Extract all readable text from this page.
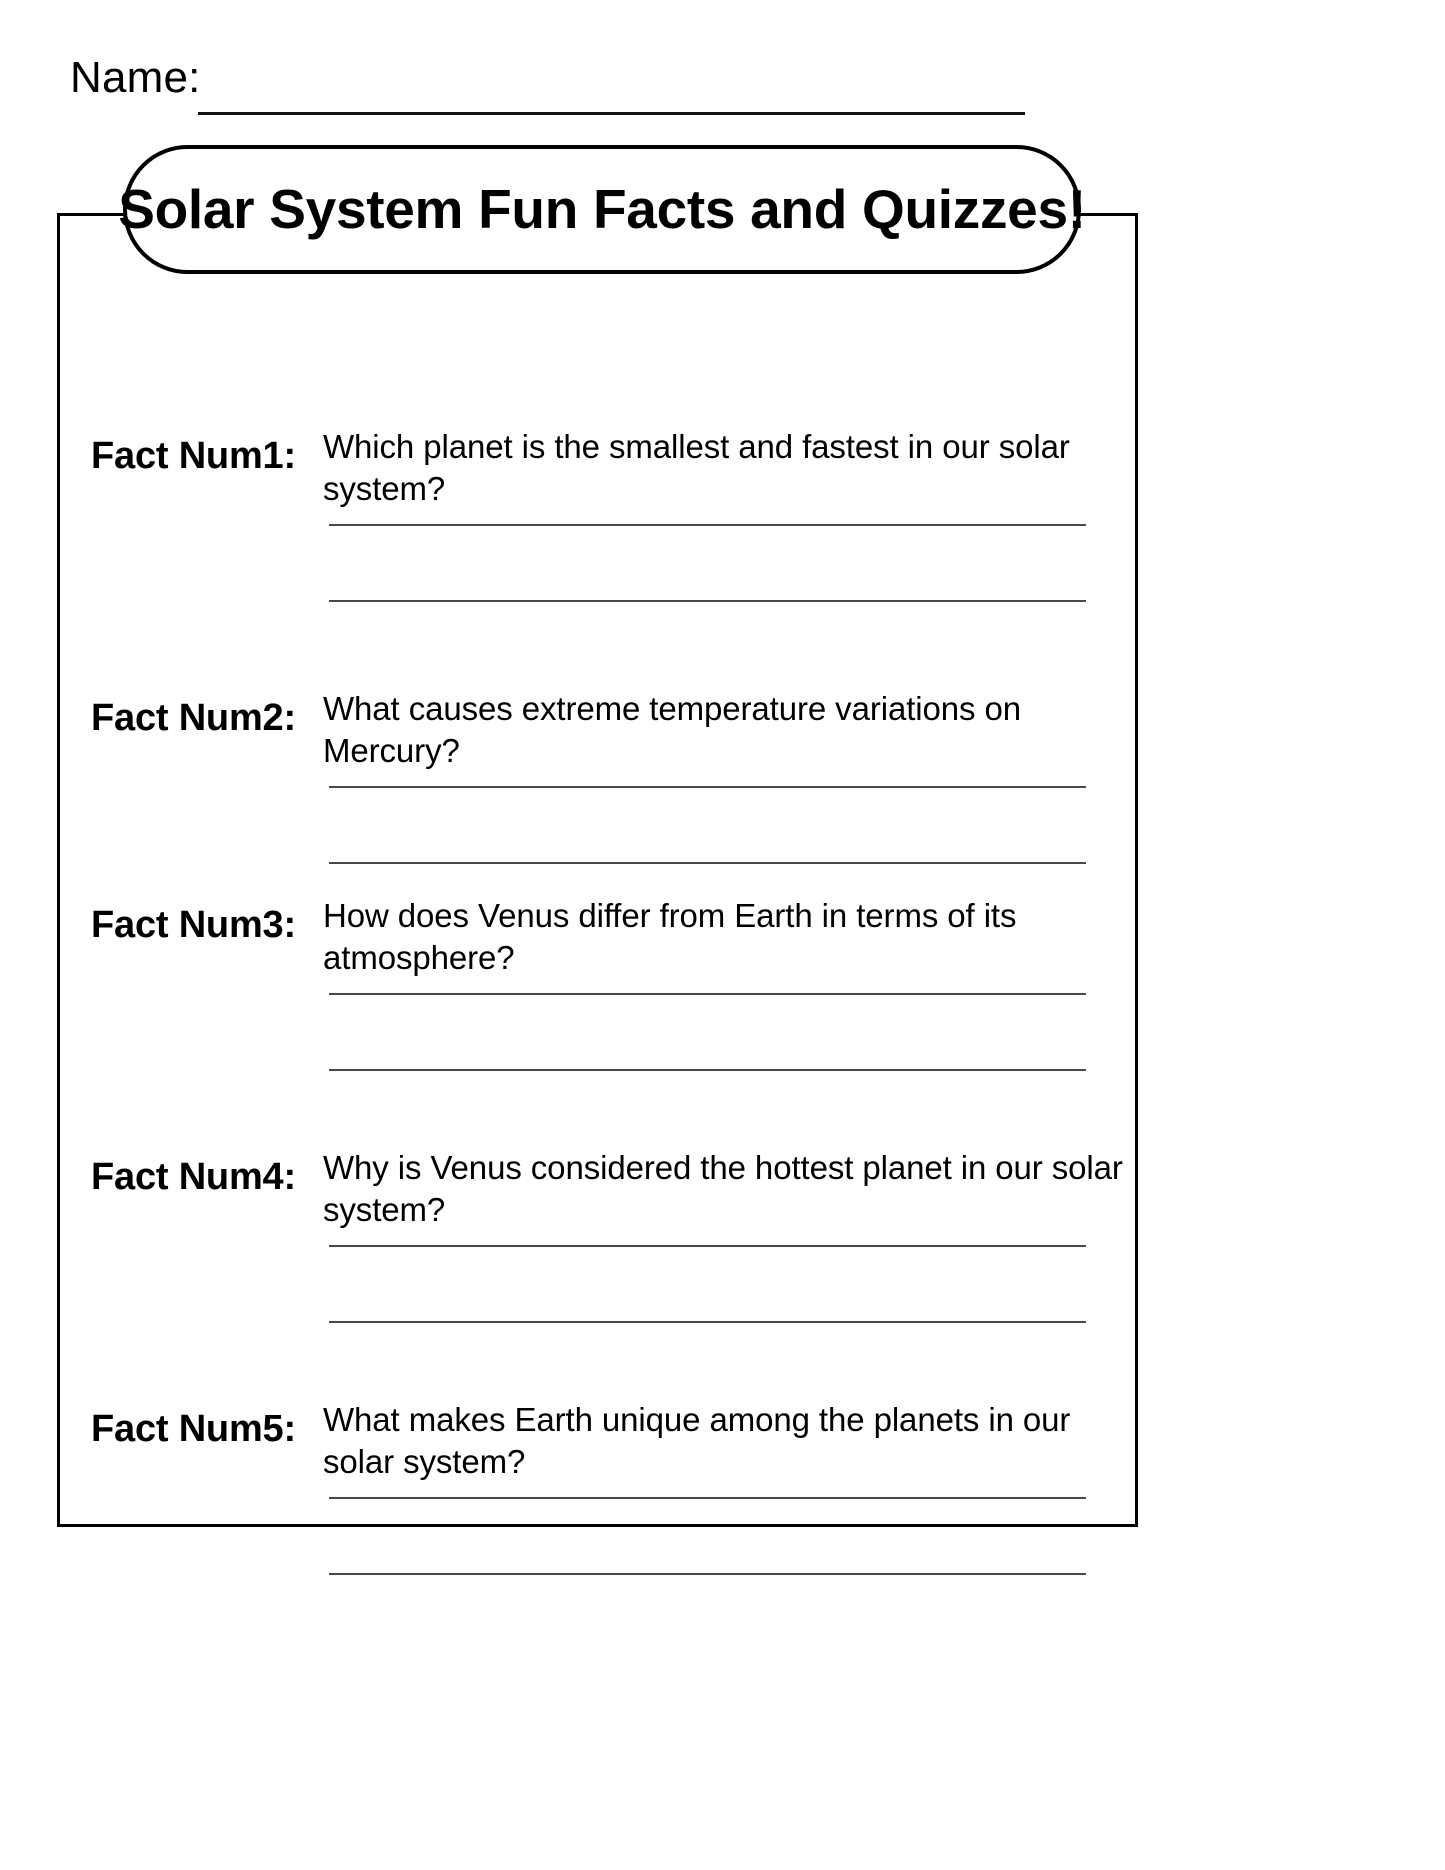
Name:
Solar System Fun Facts and Quizzes!
Fact Num1: Which planet is the smallest and fastest in our solar system?
Fact Num2: What causes extreme temperature variations on Mercury?
Fact Num3: How does Venus differ from Earth in terms of its atmosphere?
Fact Num4: Why is Venus considered the hottest planet in our solar system?
Fact Num5: What makes Earth unique among the planets in our solar system?
